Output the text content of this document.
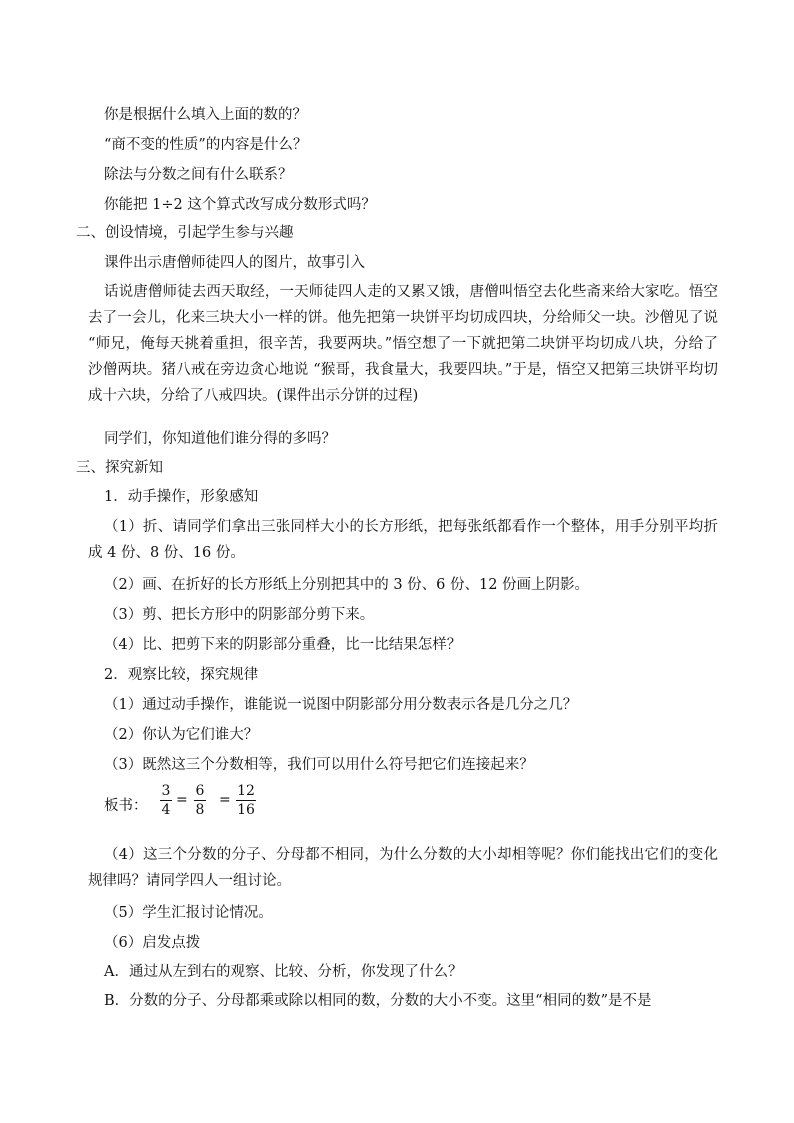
你是根据什么填入上面的数的？
“商不变的性质”的内容是什么？
除法与分数之间有什么联系？
你能把 1÷2 这个算式改写成分数形式吗？
二、创设情境，引起学生参与兴趣
课件出示唐僧师徒四人的图片，故事引入
话说唐僧师徒去西天取经，一天师徒四人走的又累又饿，唐僧叫悟空去化些斋来给大家吃。悟空去了一会儿，化来三块大小一样的饼。他先把第一块饼平均切成四块，分给师父一块。沙僧见了说 “师兄，俺每天挑着重担，很辛苦，我要两块。”悟空想了一下就把第二块饼平均切成八块，分给了沙僧两块。猪八戒在旁边贪心地说 “猴哥，我食量大，我要四块。”于是，悟空又把第三块饼平均切成十六块，分给了八戒四块。(课件出示分饼的过程)
同学们，你知道他们谁分得的多吗？
三、探究新知
1．动手操作，形象感知
（1）折、请同学们拿出三张同样大小的长方形纸，把每张纸都看作一个整体，用手分别平均折成 4 份、8 份、16 份。
（2）画、在折好的长方形纸上分别把其中的 3 份、6 份、12 份画上阴影。
（3）剪、把长方形中的阴影部分剪下来。
（4）比、把剪下来的阴影部分重叠，比一比结果怎样？
2．观察比较，探究规律
（1）通过动手操作，谁能说一说图中阴影部分用分数表示各是几分之几？
（2）你认为它们谁大？
（3）既然这三个分数相等，我们可以用什么符号把它们连接起来？
板书：
3
4
=
6
8
=
12
16
（4）这三个分数的分子、分母都不相同，为什么分数的大小却相等呢？你们能找出它们的变化规律吗？请同学四人一组讨论。
（5）学生汇报讨论情况。
（6）启发点拨
A．通过从左到右的观察、比较、分析，你发现了什么？
B．分数的分子、分母都乘或除以相同的数，分数的大小不变。这里“相同的数”是不是
